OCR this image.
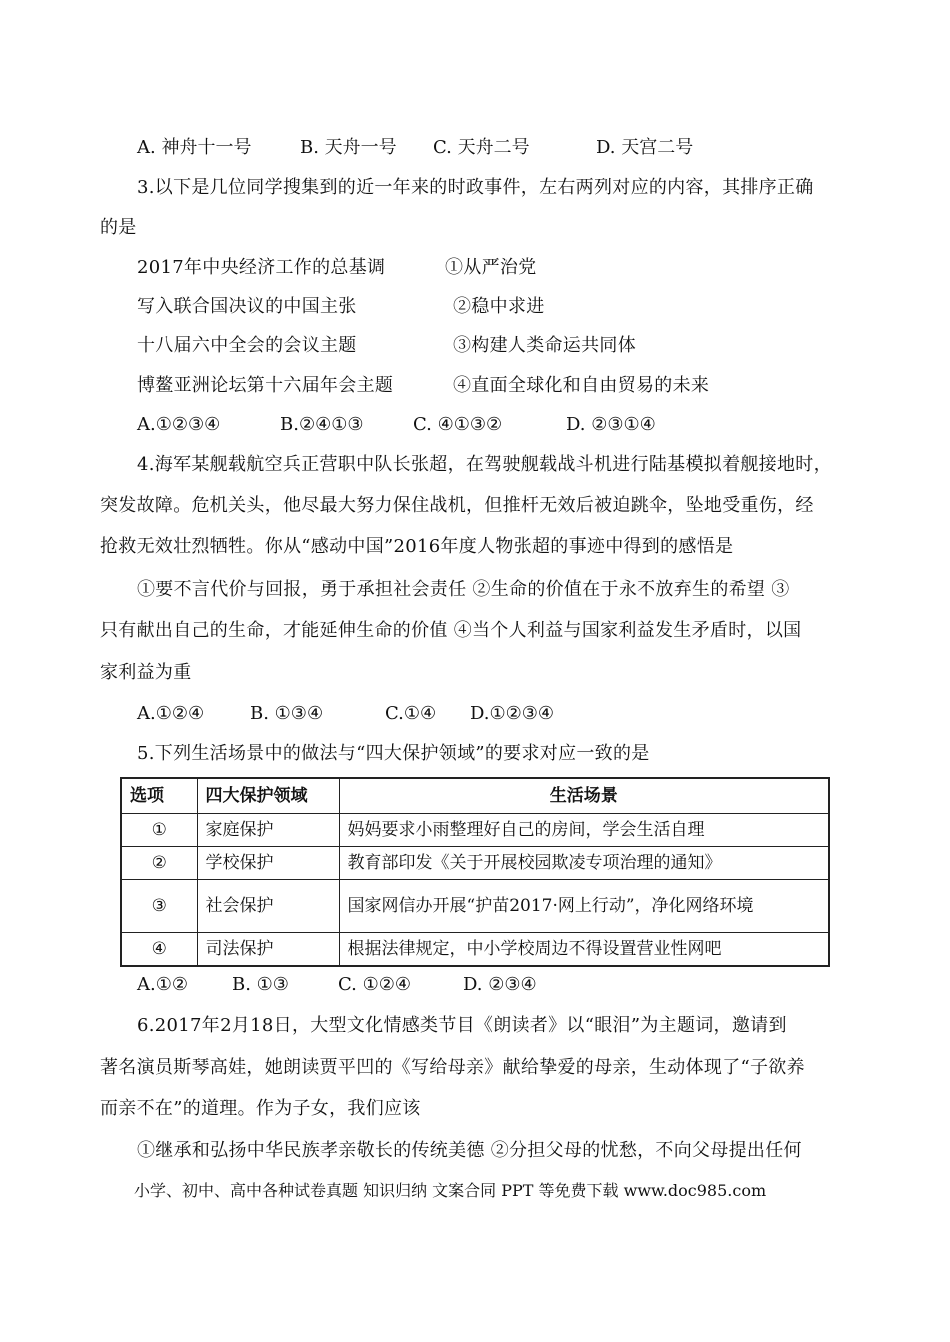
A. 神舟十一号	B. 天舟一号 C. 天舟二号	D. 天宫二号
3.以下是几位同学搜集到的近一年来的时政事件，左右两列对应的内容，其排序正确
的是
2017年中央经济工作的总基调	①从严治党
写入联合国决议的中国主张	②稳中求进
十八届六中全会的会议主题	③构建人类命运共同体
博鳌亚洲论坛第十六届年会主题	④直面全球化和自由贸易的未来
A.①②③④	B.②④①③	C. ④①③②	D. ②③①④
4.海军某舰载航空兵正营职中队长张超，在驾驶舰载战斗机进行陆基模拟着舰接地时，
突发故障。危机关头，他尽最大努力保住战机，但推杆无效后被迫跳伞，坠地受重伤，经
抢救无效壮烈牺牲。你从“感动中国”2016年度人物张超的事迹中得到的感悟是
①要不言代价与回报，勇于承担社会责任 ②生命的价值在于永不放弃生的希望 ③
只有献出自己的生命，才能延伸生命的价值 ④当个人利益与国家利益发生矛盾时，以国
家利益为重
A.①②④	B. ①③④	C.①④ D.①②③④
5.下列生活场景中的做法与“四大保护领域”的要求对应一致的是
选项	四大保护领域	生活场景
①	家庭保护	妈妈要求小雨整理好自己的房间，学会生活自理
②	学校保护	教育部印发《关于开展校园欺凌专项治理的通知》
③	社会保护	国家网信办开展“护苗2017·网上行动”，净化网络环境
④	司法保护	根据法律规定，中小学校周边不得设置营业性网吧
A.①② B. ①③	C. ①②④	D. ②③④
6.2017年2月18日，大型文化情感类节目《朗读者》以“眼泪”为主题词，邀请到
著名演员斯琴高娃，她朗读贾平凹的《写给母亲》献给挚爱的母亲，生动体现了“子欲养
而亲不在”的道理。作为子女，我们应该
①继承和弘扬中华民族孝亲敬长的传统美德 ②分担父母的忧愁，不向父母提出任何
小学、初中、高中各种试卷真题 知识归纳 文案合同 PPT 等免费下载 www.doc985.com
